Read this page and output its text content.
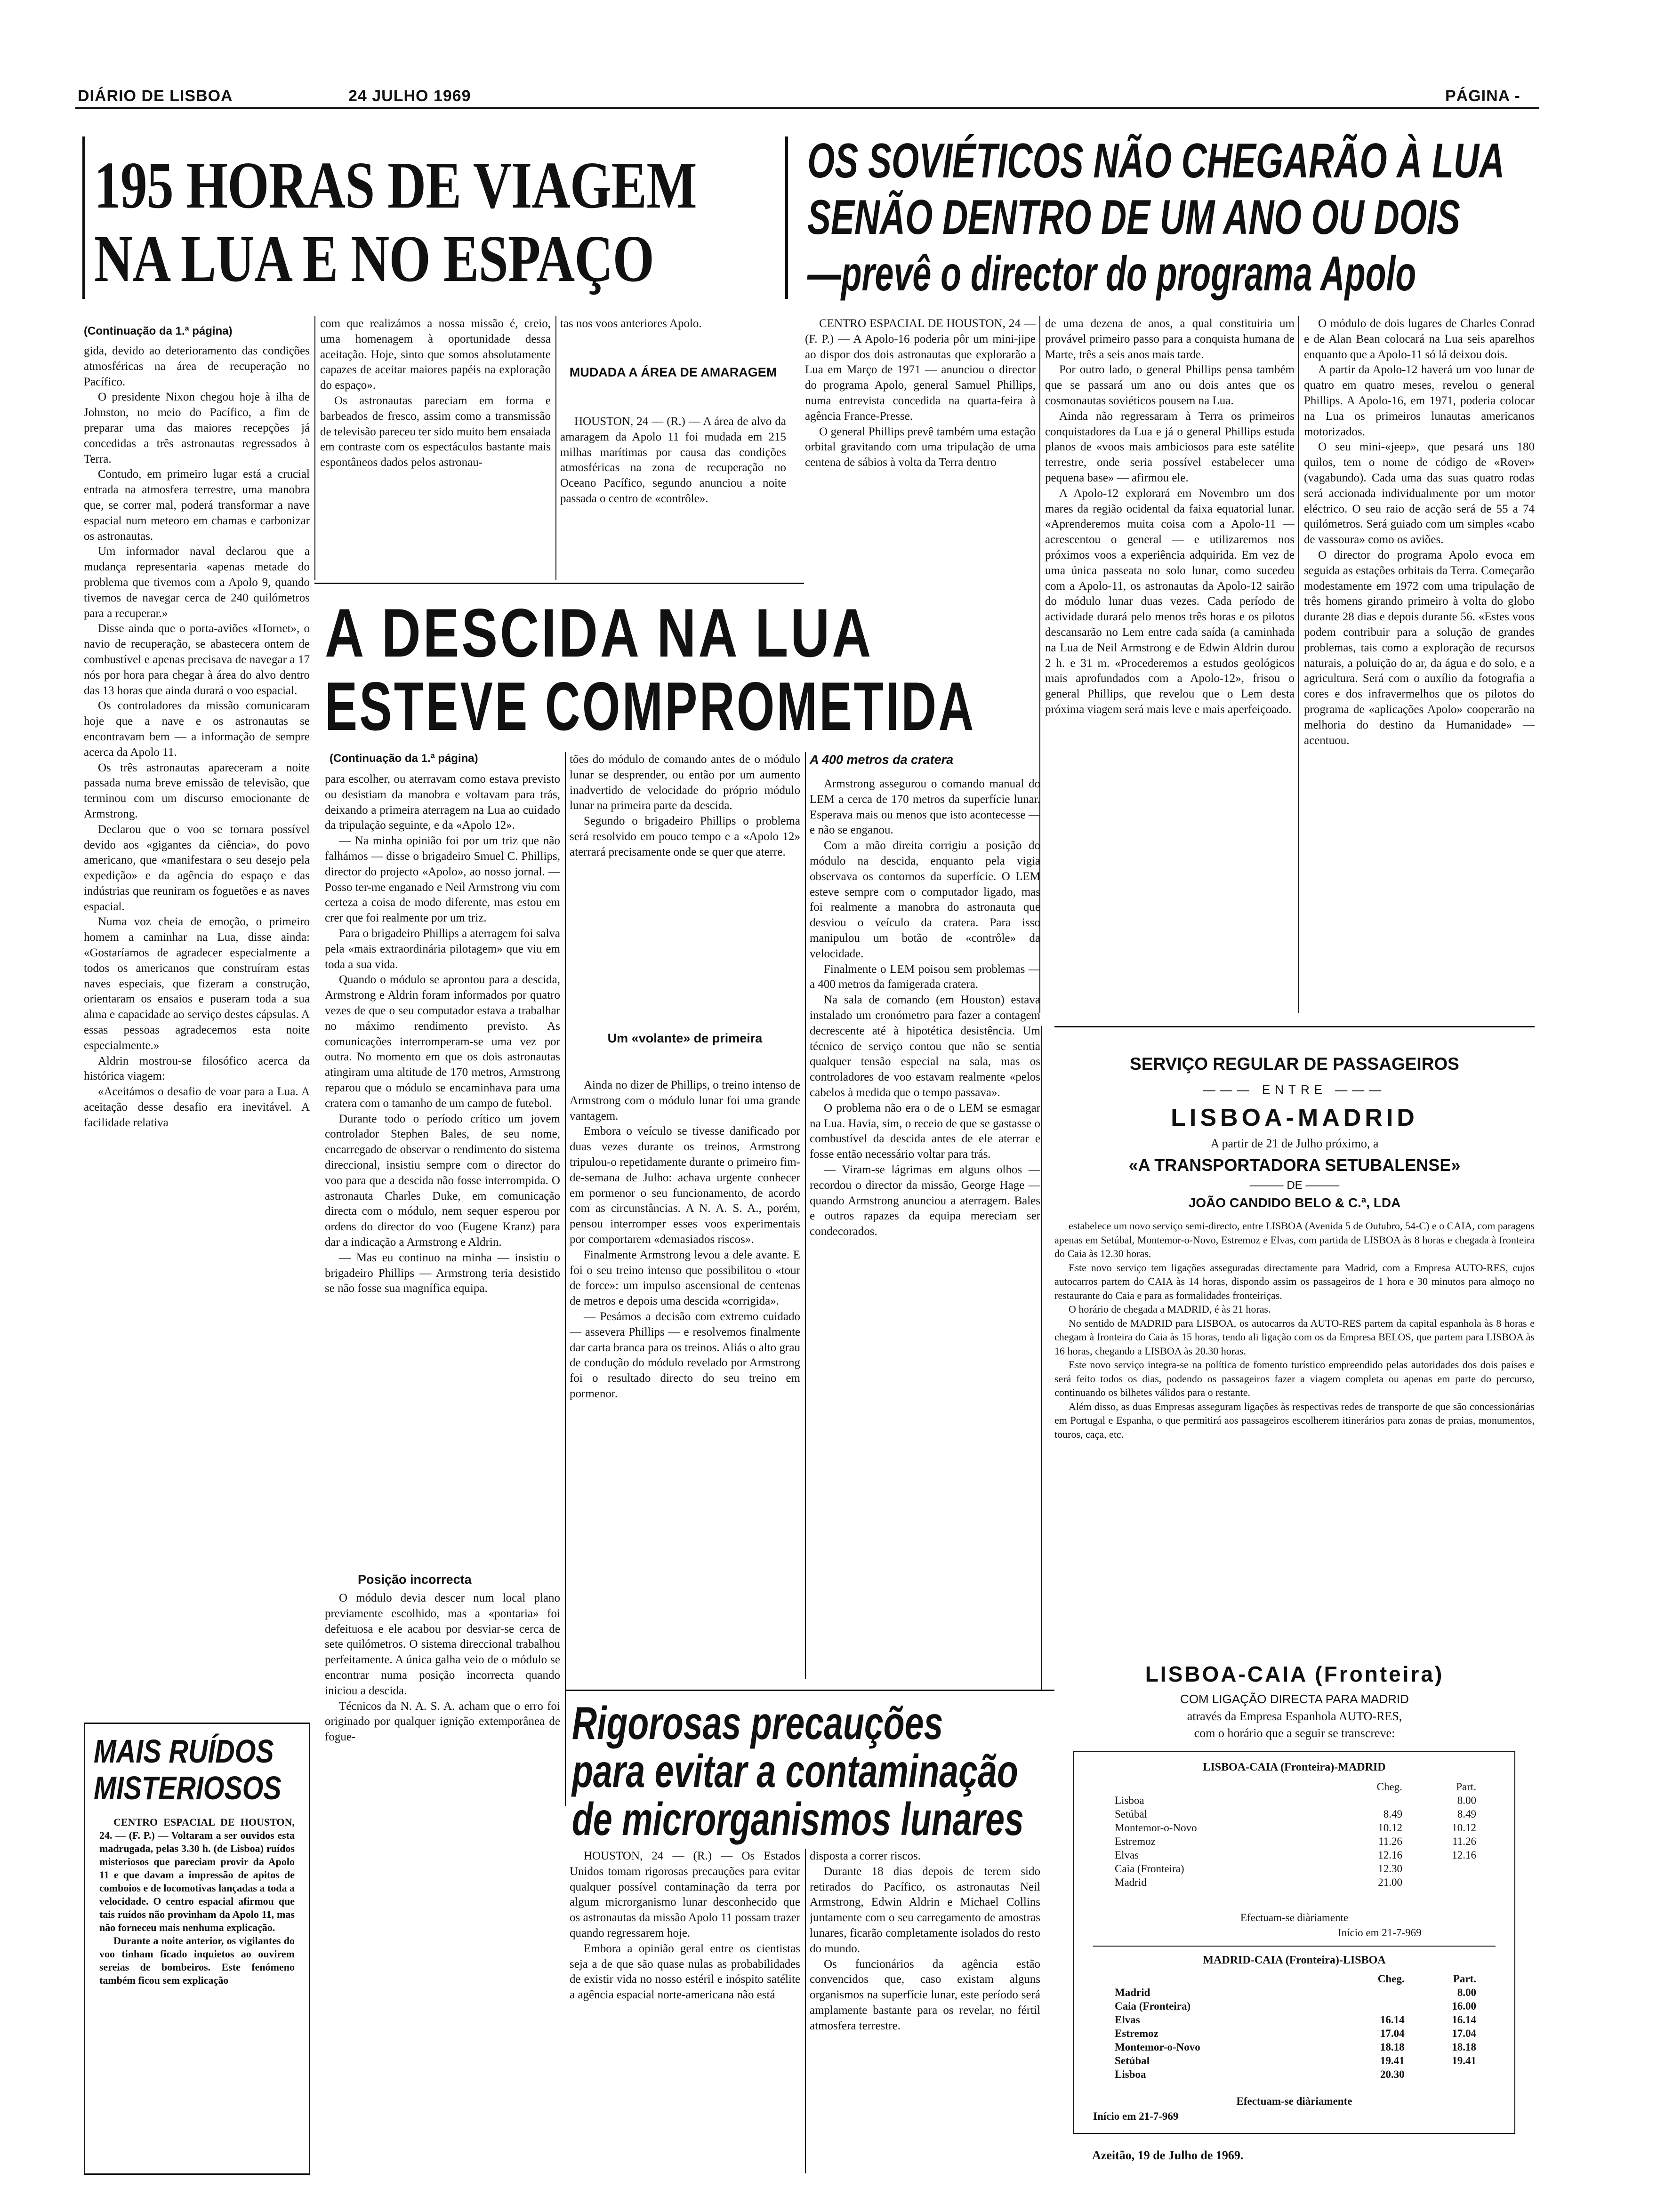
DIÁRIO DE LISBOA	24 JULHO 1969	PÁGINA -
195 HORAS DE VIAGEM
NA LUA E NO ESPAÇO
(Continuação da 1.ª página)

gida, devido ao deterioramento das condições atmosféricas na área de recuperação no Pacífico.

O presidente Nixon chegou hoje à ilha de Johnston, no meio do Pacífico, a fim de preparar uma das maiores recepções já concedidas a três astronautas regressados à Terra.

Contudo, em primeiro lugar está a crucial entrada na atmosfera terrestre, uma manobra que, se correr mal, poderá transformar a nave espacial num meteoro em chamas e carbonizar os astronautas.

Um informador naval declarou que a mudança representaria «apenas metade do problema que tivemos com a Apolo 9, quando tivemos de navegar cerca de 240 quilómetros para a recuperar.»

Disse ainda que o porta-aviões «Hornet», o navio de recuperação, se abastecera ontem de combustível e apenas precisava de navegar a 17 nós por hora para chegar à área do alvo dentro das 13 horas que ainda durará o voo espacial.

Os controladores da missão comunicaram hoje que a nave e os astronautas se encontravam bem — a informação de sempre acerca da Apolo 11.

Os três astronautas apareceram a noite passada numa breve emissão de televisão, que terminou com um discurso emocionante de Armstrong.

Declarou que o voo se tornara possível devido aos «gigantes da ciência», do povo americano, que «manifestara o seu desejo pela expedição» e da agência do espaço e das indústrias que reuniram os foguetões e as naves espacial.

Numa voz cheia de emoção, o primeiro homem a caminhar na Lua, disse ainda: «Gostaríamos de agradecer especialmente a todos os americanos que construíram estas naves especiais, que fizeram a construção, orientaram os ensaios e puseram toda a sua alma e capacidade ao serviço destes cápsulas. A essas pessoas agradecemos esta noite especialmente.»

Aldrin mostrou-se filosófico acerca da histórica viagem:

«Aceitámos o desafio de voar para a Lua. A aceitação desse desafio era inevitável. A facilidade relativa

com que realizámos a nossa missão é, creio, uma homenagem à oportunidade dessa aceitação. Hoje, sinto que somos absolutamente capazes de aceitar maiores papéis na exploração do espaço».

Os astronautas pareciam em forma e barbeados de fresco, assim como a transmissão de televisão pareceu ter sido muito bem ensaiada em contraste com os espectáculos bastante mais espontâneos dados pelos astronau-

tas nos voos anteriores Apolo.

MUDADA A ÁREA DE AMARAGEM

HOUSTON, 24 — (R.) — A área de alvo da amaragem da Apolo 11 foi mudada em 215 milhas marítimas por causa das condições atmosféricas na zona de recuperação no Oceano Pacífico, segundo anunciou a noite passada o centro de «contrôle».

OS SOVIÉTICOS NÃO CHEGARÃO À LUA
SENÃO DENTRO DE UM ANO OU DOIS
—prevê o director do programa Apolo

CENTRO ESPACIAL DE HOUSTON, 24 — (F. P.) — A Apolo-16 poderia pôr um mini-jipe ao dispor dos dois astronautas que explorarão a Lua em Março de 1971 — anunciou o director do programa Apolo, general Samuel Phillips, numa entrevista concedida na quarta-feira à agência France-Presse.

O general Phillips prevê também uma estação orbital gravitando com uma tripulação de uma centena de sábios à volta da Terra dentro

de uma dezena de anos, a qual constituiria um provável primeiro passo para a conquista humana de Marte, três a seis anos mais tarde.

Por outro lado, o general Phillips pensa também que se passará um ano ou dois antes que os cosmonautas soviéticos pousem na Lua.

Ainda não regressaram à Terra os primeiros conquistadores da Lua e já o general Phillips estuda planos de «voos mais ambiciosos para este satélite terrestre, onde seria possível estabelecer uma pequena base» — afirmou ele.

A Apolo-12 explorará em Novembro um dos mares da região ocidental da faixa equatorial lunar. «Aprenderemos muita coisa com a Apolo-11 — acrescentou o general — e utilizaremos nos próximos voos a experiência adquirida. Em vez de uma única passeata no solo lunar, como sucedeu com a Apolo-11, os astronautas da Apolo-12 sairão do módulo lunar duas vezes. Cada período de actividade durará pelo menos três horas e os pilotos descansarão no Lem entre cada saída (a caminhada na Lua de Neil Armstrong e de Edwin Aldrin durou 2 h. e 31 m. «Procederemos a estudos geológicos mais aprofundados com a Apolo-12», frisou o general Phillips, que revelou que o Lem desta próxima viagem será mais leve e mais aperfeiçoado.

O módulo de dois lugares de Charles Conrad e de Alan Bean colocará na Lua seis aparelhos enquanto que a Apolo-11 só lá deixou dois.

A partir da Apolo-12 haverá um voo lunar de quatro em quatro meses, revelou o general Phillips. A Apolo-16, em 1971, poderia colocar na Lua os primeiros lunautas americanos motorizados.

O seu mini-«jeep», que pesará uns 180 quilos, tem o nome de código de «Rover» (vagabundo). Cada uma das suas quatro rodas será accionada individualmente por um motor eléctrico. O seu raio de acção será de 55 a 74 quilómetros. Será guiado com um simples «cabo de vassoura» como os aviões.

O director do programa Apolo evoca em seguida as estações orbitais da Terra. Começarão modestamente em 1972 com uma tripulação de três homens girando primeiro à volta do globo durante 28 dias e depois durante 56. «Estes voos podem contribuir para a solução de grandes problemas, tais como a exploração de recursos naturais, a poluição do ar, da água e do solo, e a agricultura. Será com o auxílio da fotografia a cores e dos infravermelhos que os pilotos do programa de «aplicações Apolo» cooperarão na melhoria do destino da Humanidade» — acentuou.

A DESCIDA NA LUA
ESTEVE COMPROMETIDA
(Continuação da 1.ª página)

para escolher, ou aterravam como estava previsto ou desistiam da manobra e voltavam para trás, deixando a primeira aterragem na Lua ao cuidado da tripulação seguinte, e da «Apolo 12».

— Na minha opinião foi por um triz que não falhámos — disse o brigadeiro Smuel C. Phillips, director do projecto «Apolo», ao nosso jornal. — Posso ter-me enganado e Neil Armstrong viu com certeza a coisa de modo diferente, mas estou em crer que foi realmente por um triz.

Para o brigadeiro Phillips a aterragem foi salva pela «mais extraordinária pilotagem» que viu em toda a sua vida.

Quando o módulo se aprontou para a descida, Armstrong e Aldrin foram informados por quatro vezes de que o seu computador estava a trabalhar no máximo rendimento previsto. As comunicações interromperam-se uma vez por outra. No momento em que os dois astronautas atingiram uma altitude de 170 metros, Armstrong reparou que o módulo se encaminhava para uma cratera com o tamanho de um campo de futebol.

Durante todo o período crítico um jovem controlador Stephen Bales, de seu nome, encarregado de observar o rendimento do sistema direccional, insistiu sempre com o director do voo para que a descida não fosse interrompida. O astronauta Charles Duke, em comunicação directa com o módulo, nem sequer esperou por ordens do director do voo (Eugene Kranz) para dar a indicação a Armstrong e Aldrin.

— Mas eu continuo na minha — insistiu o brigadeiro Phillips — Armstrong teria desistido se não fosse sua magnífica equipa.

Posição incorrecta

O módulo devia descer num local plano previamente escolhido, mas a «pontaria» foi defeituosa e ele acabou por desviar-se cerca de sete quilómetros. O sistema direccional trabalhou perfeitamente. A única galha veio de o módulo se encontrar numa posição incorrecta quando iniciou a descida.

Técnicos da N. A. S. A. acham que o erro foi originado por qualquer ignição extemporânea de fogue-

tões do módulo de comando antes de o módulo lunar se desprender, ou então por um aumento inadvertido de velocidade do próprio módulo lunar na primeira parte da descida.

Segundo o brigadeiro Phillips o problema será resolvido em pouco tempo e a «Apolo 12» aterrará precisamente onde se quer que aterre.

Um «volante» de primeira

Ainda no dizer de Phillips, o treino intenso de Armstrong com o módulo lunar foi uma grande vantagem.

Embora o veículo se tivesse danificado por duas vezes durante os treinos, Armstrong tripulou-o repetidamente durante o primeiro fim-de-semana de Julho: achava urgente conhecer em pormenor o seu funcionamento, de acordo com as circunstâncias. A N. A. S. A., porém, pensou interromper esses voos experimentais por comportarem «demasiados riscos».

Finalmente Armstrong levou a dele avante. E foi o seu treino intenso que possibilitou o «tour de force»: um impulso ascensional de centenas de metros e depois uma descida «corrigida».

— Pesámos a decisão com extremo cuidado — assevera Phillips — e resolvemos finalmente dar carta branca para os treinos. Aliás o alto grau de condução do módulo revelado por Armstrong foi o resultado directo do seu treino em pormenor.

A 400 metros da cratera

Armstrong assegurou o comando manual do LEM a cerca de 170 metros da superfície lunar. Esperava mais ou menos que isto acontecesse — e não se enganou.

Com a mão direita corrigiu a posição do módulo na descida, enquanto pela vigia observava os contornos da superfície. O LEM esteve sempre com o computador ligado, mas foi realmente a manobra do astronauta que desviou o veículo da cratera. Para isso manipulou um botão de «contrôle» da velocidade.

Finalmente o LEM poisou sem problemas — a 400 metros da famigerada cratera.

Na sala de comando (em Houston) estava instalado um cronómetro para fazer a contagem decrescente até à hipotética desistência. Um técnico de serviço contou que não se sentia qualquer tensão especial na sala, mas os controladores de voo estavam realmente «pelos cabelos à medida que o tempo passava».

O problema não era o de o LEM se esmagar na Lua. Havia, sim, o receio de que se gastasse o combustível da descida antes de ele aterrar e fosse então necessário voltar para trás.

— Viram-se lágrimas em alguns olhos — recordou o director da missão, George Hage — quando Armstrong anunciou a aterragem. Bales e outros rapazes da equipa mereciam ser condecorados.

MAIS RUÍDOS
MISTERIOSOS

CENTRO ESPACIAL DE HOUSTON, 24. — (F. P.) — Voltaram a ser ouvidos esta madrugada, pelas 3.30 h. (de Lisboa) ruídos misteriosos que pareciam provir da Apolo 11 e que davam a impressão de apitos de comboios e de locomotivas lançadas a toda a velocidade. O centro espacial afirmou que tais ruídos não provinham da Apolo 11, mas não forneceu mais nenhuma explicação.

Durante a noite anterior, os vigilantes do voo tinham ficado inquietos ao ouvirem sereias de bombeiros. Este fenómeno também ficou sem explicação

Rigorosas precauções
para evitar a contaminação
de microrganismos lunares

HOUSTON, 24 — (R.) — Os Estados Unidos tomam rigorosas precauções para evitar qualquer possível contaminação da terra por algum microrganismo lunar desconhecido que os astronautas da missão Apolo 11 possam trazer quando regressarem hoje.

Embora a opinião geral entre os cientistas seja a de que são quase nulas as probabilidades de existir vida no nosso estéril e inóspito satélite a agência espacial norte-americana não está

disposta a correr riscos.

Durante 18 dias depois de terem sido retirados do Pacífico, os astronautas Neil Armstrong, Edwin Aldrin e Michael Collins juntamente com o seu carregamento de amostras lunares, ficarão completamente isolados do resto do mundo.

Os funcionários da agência estão convencidos que, caso existam alguns organismos na superfície lunar, este período será amplamente bastante para os revelar, no fértil atmosfera terrestre.

SERVIÇO REGULAR DE PASSAGEIROS
——— ENTRE ———
LISBOA-MADRID
A partir de 21 de Julho próximo, a
«A TRANSPORTADORA SETUBALENSE»
——— DE ———
JOÃO CANDIDO BELO & C.ª, LDA

estabelece um novo serviço semi-directo, entre LISBOA (Avenida 5 de Outubro, 54-C) e o CAIA, com paragens apenas em Setúbal, Montemor-o-Novo, Estremoz e Elvas, com partida de LISBOA às 8 horas e chegada à fronteira do Caia às 12.30 horas.

Este novo serviço tem ligações asseguradas directamente para Madrid, com a Empresa AUTO-RES, cujos autocarros partem do CAIA às 14 horas, dispondo assim os passageiros de 1 hora e 30 minutos para almoço no restaurante do Caia e para as formalidades fronteiriças.

O horário de chegada a MADRID, é às 21 horas.

No sentido de MADRID para LISBOA, os autocarros da AUTO-RES partem da capital espanhola às 8 horas e chegam à fronteira do Caia às 15 horas, tendo ali ligação com os da Empresa BELOS, que partem para LISBOA às 16 horas, chegando a LISBOA às 20.30 horas.

Este novo serviço integra-se na política de fomento turístico empreendido pelas autoridades dos dois países e será feito todos os dias, podendo os passageiros fazer a viagem completa ou apenas em parte do percurso, continuando os bilhetes válidos para o restante.

Além disso, as duas Empresas asseguram ligações às respectivas redes de transporte de que são concessionárias em Portugal e Espanha, o que permitirá aos passageiros escolherem itinerários para zonas de praias, monumentos, touros, caça, etc.

LISBOA-CAIA (Fronteira)
COM LIGAÇÃO DIRECTA PARA MADRID
através da Empresa Espanhola AUTO-RES,
com o horário que a seguir se transcreve:
LISBOA-CAIA (Fronteira)-MADRID
	Cheg.	Part.
Lisboa		8.00
Setúbal	8.49	8.49
Montemor-o-Novo	10.12	10.12
Estremoz	11.26	11.26
Elvas	12.16	12.16
Caia (Fronteira)	12.30	
Madrid	21.00	
Efectuam-se diàriamente
Início em 21-7-969
MADRID-CAIA (Fronteira)-LISBOA
	Cheg.	Part.
Madrid		8.00
Caia (Fronteira)		16.00
Elvas	16.14	16.14
Estremoz	17.04	17.04
Montemor-o-Novo	18.18	18.18
Setúbal	19.41	19.41
Lisboa	20.30	
Efectuam-se diàriamente
Início em 21-7-969
Azeitão, 19 de Julho de 1969.
